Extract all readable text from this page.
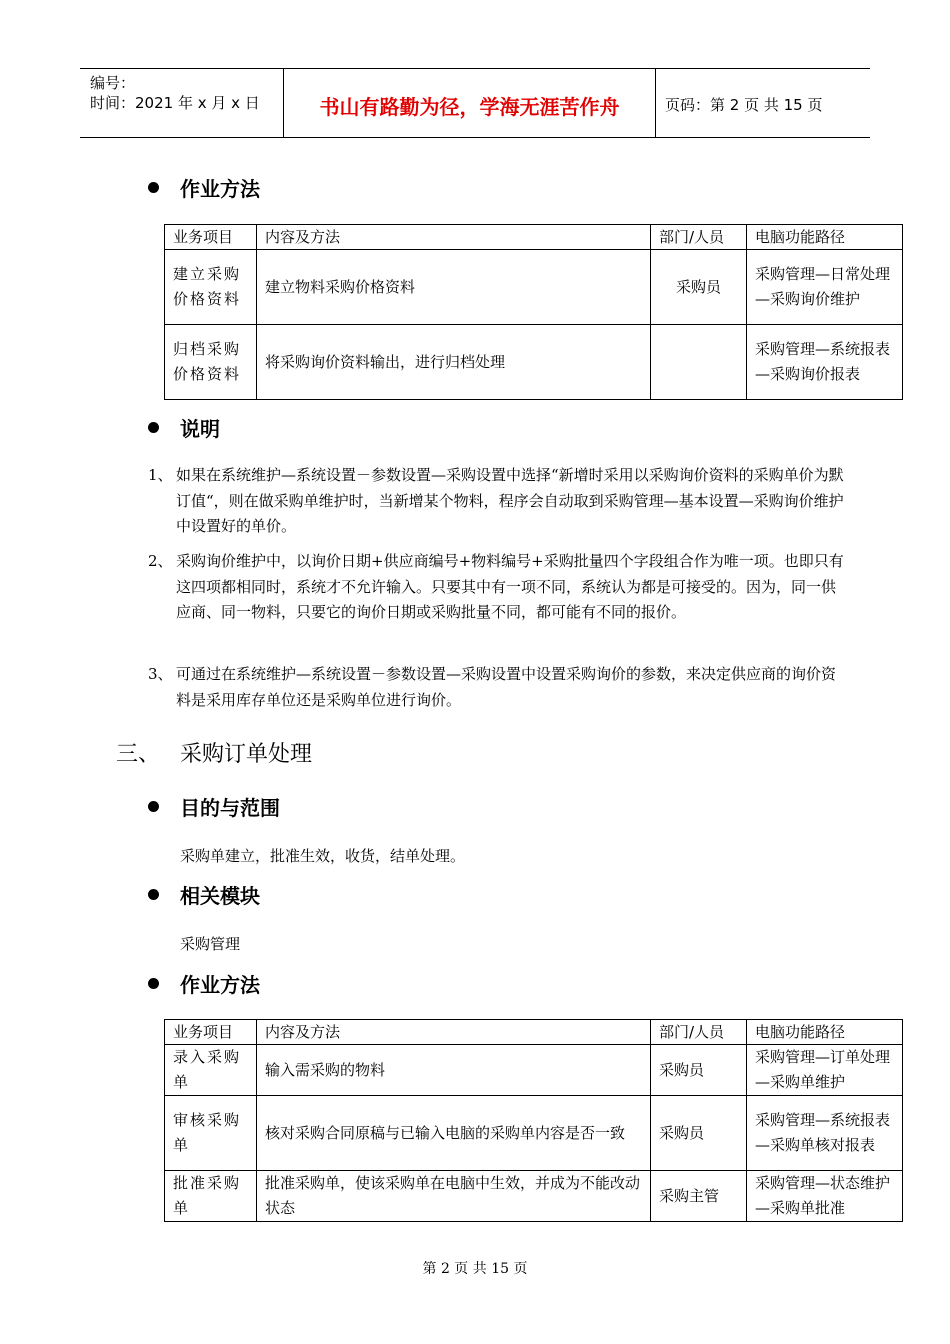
编号：
时间：2021 年 x 月 x 日	书山有路勤为径，学海无涯苦作舟	页码：第 2 页 共 15 页
作业方法
业务项目	内容及方法	部门/人员	电脑功能路径
建立采购价格资料	建立物料采购价格资料	采购员	采购管理—日常处理—采购询价维护
归档采购价格资料	将采购询价资料输出，进行归档处理		采购管理—系统报表—采购询价报表
说明
1、 如果在系统维护—系统设置－参数设置—采购设置中选择“新增时采用以采购询价资料的采购单价为默订值“，则在做采购单维护时，当新增某个物料，程序会自动取到采购管理—基本设置—采购询价维护中设置好的单价。
2、 采购询价维护中，以询价日期+供应商编号+物料编号+采购批量四个字段组合作为唯一项。也即只有这四项都相同时，系统才不允许输入。只要其中有一项不同，系统认为都是可接受的。因为，同一供应商、同一物料，只要它的询价日期或采购批量不同，都可能有不同的报价。
3、 可通过在系统维护—系统设置－参数设置—采购设置中设置采购询价的参数，来决定供应商的询价资料是采用库存单位还是采购单位进行询价。
三、 采购订单处理
目的与范围
采购单建立，批准生效，收货，结单处理。
相关模块
采购管理
作业方法
业务项目	内容及方法	部门/人员	电脑功能路径
录入采购单	输入需采购的物料	采购员	采购管理—订单处理—采购单维护
审核采购单	核对采购合同原稿与已输入电脑的采购单内容是否一致	采购员	采购管理—系统报表—采购单核对报表
批准采购单	批准采购单，使该采购单在电脑中生效，并成为不能改动状态	采购主管	采购管理—状态维护—采购单批准
第 2 页 共 15 页
